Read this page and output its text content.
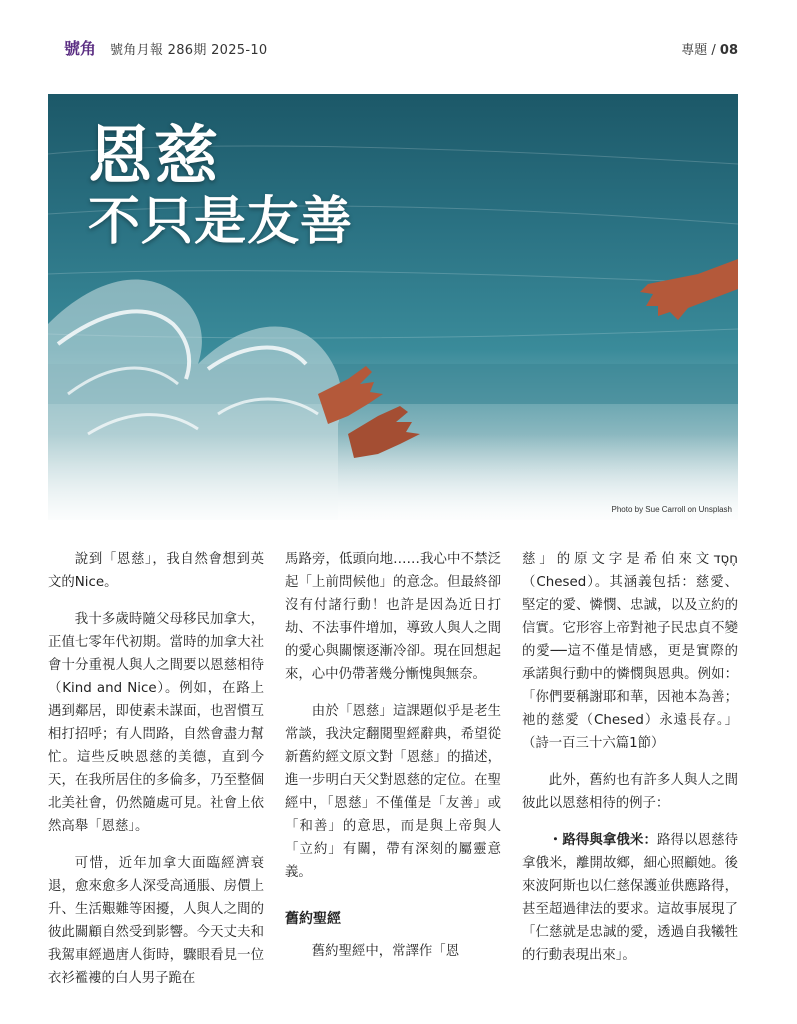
號角 號角月報 286期 2025-10	專題 / 08
恩慈
不只是友善
Photo by Sue Carroll on Unsplash

說到「恩慈」，我自然會想到英文的Nice。

我十多歲時隨父母移民加拿大，正值七零年代初期。當時的加拿大社會十分重視人與人之間要以恩慈相待（Kind and Nice）。例如，在路上遇到鄰居，即使素未謀面，也習慣互相打招呼；有人問路，自然會盡力幫忙。這些反映恩慈的美德，直到今天，在我所居住的多倫多，乃至整個北美社會，仍然隨處可見。社會上依然高舉「恩慈」。

可惜，近年加拿大面臨經濟衰退，愈來愈多人深受高通脹、房價上升、生活艱難等困擾，人與人之間的彼此關顧自然受到影響。今天丈夫和我駕車經過唐人街時，驟眼看見一位衣衫襤褸的白人男子跪在

馬路旁，低頭向地……我心中不禁泛起「上前問候他」的意念。但最終卻沒有付諸行動！也許是因為近日打劫、不法事件增加，導致人與人之間的愛心與關懷逐漸冷卻。現在回想起來，心中仍帶著幾分慚愧與無奈。

由於「恩慈」這課題似乎是老生常談，我決定翻閱聖經辭典，希望從新舊約經文原文對「恩慈」的描述，進一步明白天父對恩慈的定位。在聖經中，「恩慈」不僅僅是「友善」或「和善」的意思，而是與上帝與人「立約」有關，帶有深刻的屬靈意義。

舊約聖經

舊約聖經中，常譯作「恩

慈」的原文字是希伯來文חֶסֶד（Chesed）。其涵義包括：慈愛、堅定的愛、憐憫、忠誠，以及立約的信實。它形容上帝對祂子民忠貞不變的愛──這不僅是情感，更是實際的承諾與行動中的憐憫與恩典。例如：「你們要稱謝耶和華，因祂本為善；祂的慈愛（Chesed）永遠長存。」（詩一百三十六篇1節）

此外，舊約也有許多人與人之間彼此以恩慈相待的例子：

・路得與拿俄米：路得以恩慈待拿俄米，離開故鄉，細心照顧她。後來波阿斯也以仁慈保護並供應路得，甚至超過律法的要求。這故事展現了「仁慈就是忠誠的愛，透過自我犧牲的行動表現出來」。
